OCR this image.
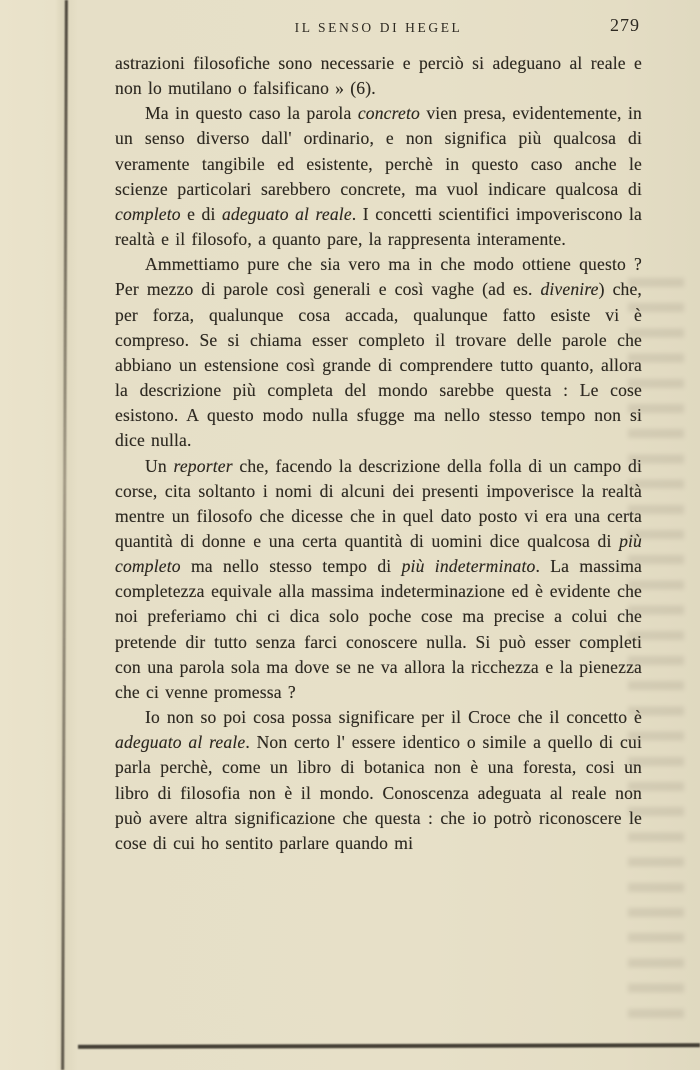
IL SENSO DI HEGEL	279

astrazioni filosofiche sono necessarie e perciò si adeguano al reale e non lo mutilano o falsificano » (6).

Ma in questo caso la parola concreto vien presa, evidentemente, in un senso diverso dall' ordinario, e non significa più qualcosa di veramente tangibile ed esistente, perchè in questo caso anche le scienze particolari sarebbero concrete, ma vuol indicare qualcosa di completo e di adeguato al reale. I concetti scientifici impoveriscono la realtà e il filosofo, a quanto pare, la rappresenta interamente.

Ammettiamo pure che sia vero ma in che modo ottiene questo ? Per mezzo di parole così generali e così vaghe (ad es. divenire) che, per forza, qualunque cosa accada, qualunque fatto esiste vi è compreso. Se si chiama esser completo il trovare delle parole che abbiano un estensione così grande di comprendere tutto quanto, allora la descrizione più completa del mondo sarebbe questa : Le cose esistono. A questo modo nulla sfugge ma nello stesso tempo non si dice nulla.

Un reporter che, facendo la descrizione della folla di un campo di corse, cita soltanto i nomi di alcuni dei presenti impoverisce la realtà mentre un filosofo che dicesse che in quel dato posto vi era una certa quantità di donne e una certa quantità di uomini dice qualcosa di più completo ma nello stesso tempo di più indeterminato. La massima completezza equivale alla massima indeterminazione ed è evidente che noi preferiamo chi ci dica solo poche cose ma precise a colui che pretende dir tutto senza farci conoscere nulla. Si può esser completi con una parola sola ma dove se ne va allora la ricchezza e la pienezza che ci venne promessa ?

Io non so poi cosa possa significare per il Croce che il concetto è adeguato al reale. Non certo l' essere identico o simile a quello di cui parla perchè, come un libro di botanica non è una foresta, cosi un libro di filosofia non è il mondo. Conoscenza adeguata al reale non può avere altra significazione che questa : che io potrò riconoscere le cose di cui ho sentito parlare quando mi
